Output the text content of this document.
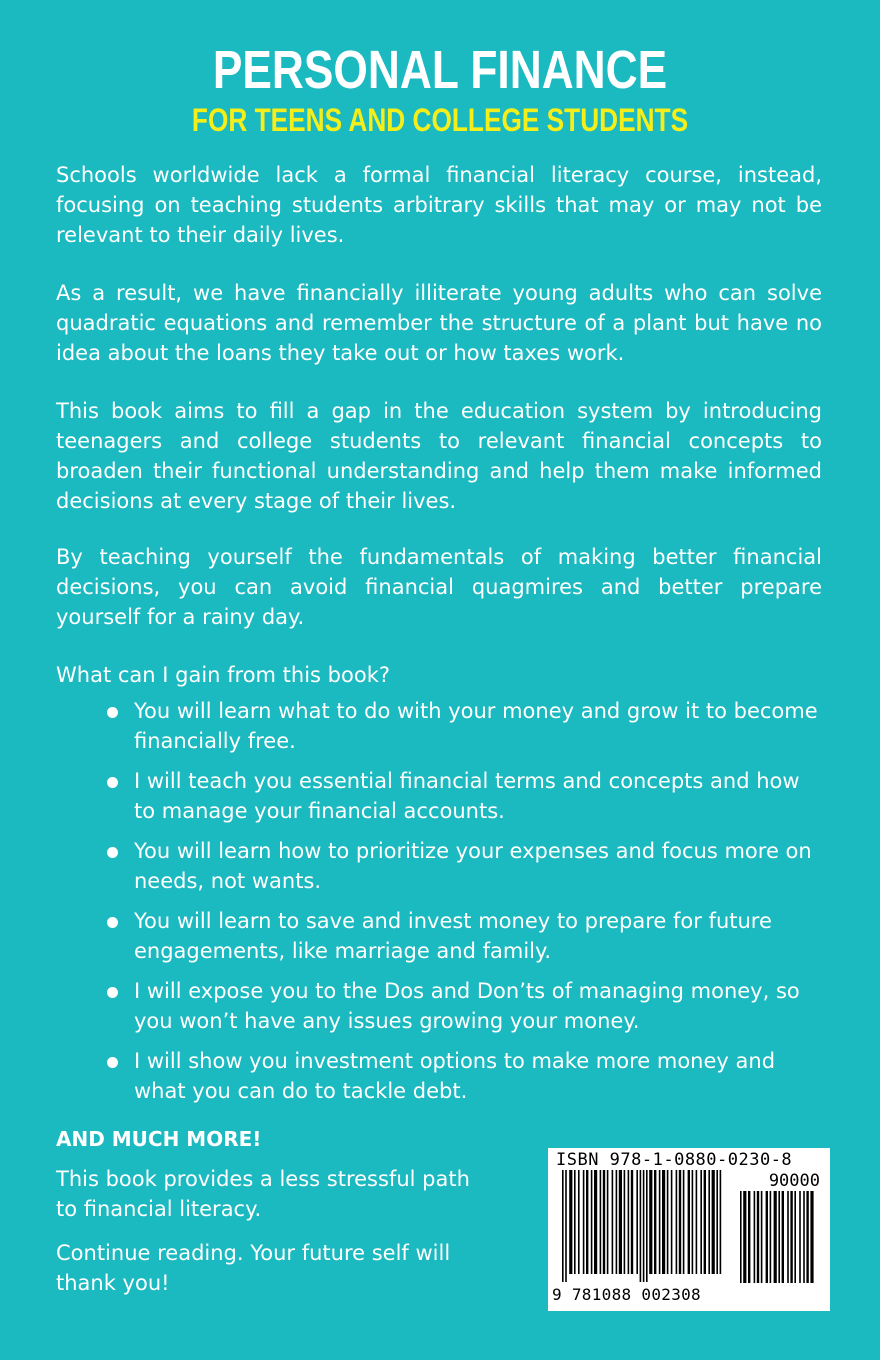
PERSONAL FINANCE
FOR TEENS AND COLLEGE STUDENTS
Schools worldwide lack a formal financial literacy course, instead, focusing on teaching students arbitrary skills that may or may not be relevant to their daily lives.
As a result, we have financially illiterate young adults who can solve quadratic equations and remember the structure of a plant but have no idea about the loans they take out or how taxes work.
This book aims to fill a gap in the education system by introducing teenagers and college students to relevant financial concepts to broaden their functional understanding and help them make informed decisions at every stage of their lives.
By teaching yourself the fundamentals of making better financial decisions, you can avoid financial quagmires and better prepare yourself for a rainy day.
What can I gain from this book?
You will learn what to do with your money and grow it to become financially free.
I will teach you essential financial terms and concepts and how to manage your financial accounts.
You will learn how to prioritize your expenses and focus more on needs, not wants.
You will learn to save and invest money to prepare for future engagements, like marriage and family.
I will expose you to the Dos and Don’ts of managing money, so you won’t have any issues growing your money.
I will show you investment options to make more money and what you can do to tackle debt.
AND MUCH MORE!
This book provides a less stressful path to financial literacy.
Continue reading. Your future self will thank you!
ISBN 978-1-0880-0230-8
90000
9 781088 002308
